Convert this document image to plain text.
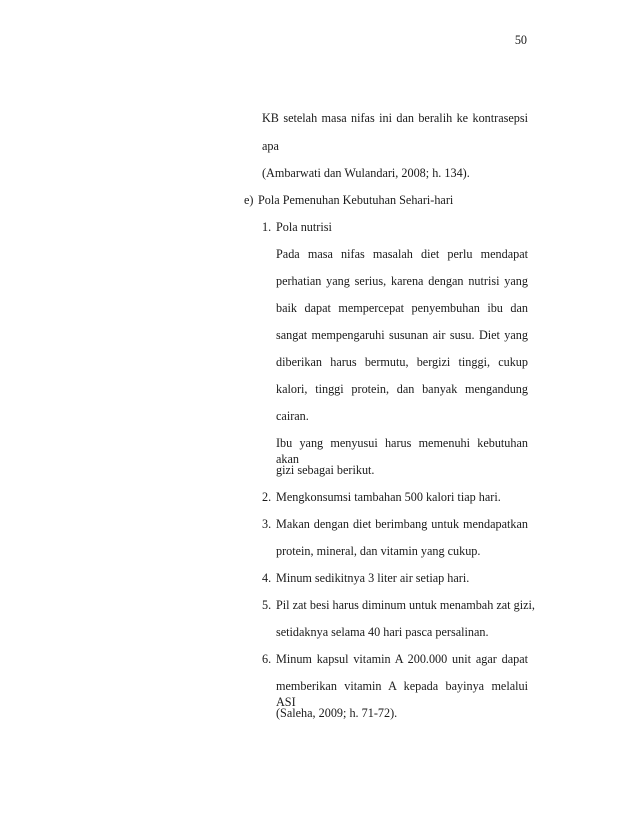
50
KB setelah masa nifas ini dan beralih ke kontrasepsi
apa
(Ambarwati dan Wulandari, 2008; h. 134).
e) Pola Pemenuhan Kebutuhan Sehari-hari
1. Pola nutrisi
Pada masa nifas masalah diet perlu mendapat
perhatian yang serius, karena dengan nutrisi yang
baik dapat mempercepat penyembuhan ibu dan
sangat mempengaruhi susunan air susu. Diet yang
diberikan harus bermutu, bergizi tinggi, cukup
kalori, tinggi protein, dan banyak mengandung
cairan.
Ibu yang menyusui harus memenuhi kebutuhan akan
gizi sebagai berikut.
2. Mengkonsumsi tambahan 500 kalori tiap hari.
3. Makan dengan diet berimbang untuk mendapatkan
protein, mineral, dan vitamin yang cukup.
4. Minum sedikitnya 3 liter air setiap hari.
5. Pil zat besi harus diminum untuk menambah zat gizi,
setidaknya selama 40 hari pasca persalinan.
6. Minum kapsul vitamin A 200.000 unit agar dapat
memberikan vitamin A kepada bayinya melalui ASI
(Saleha, 2009; h. 71-72).
